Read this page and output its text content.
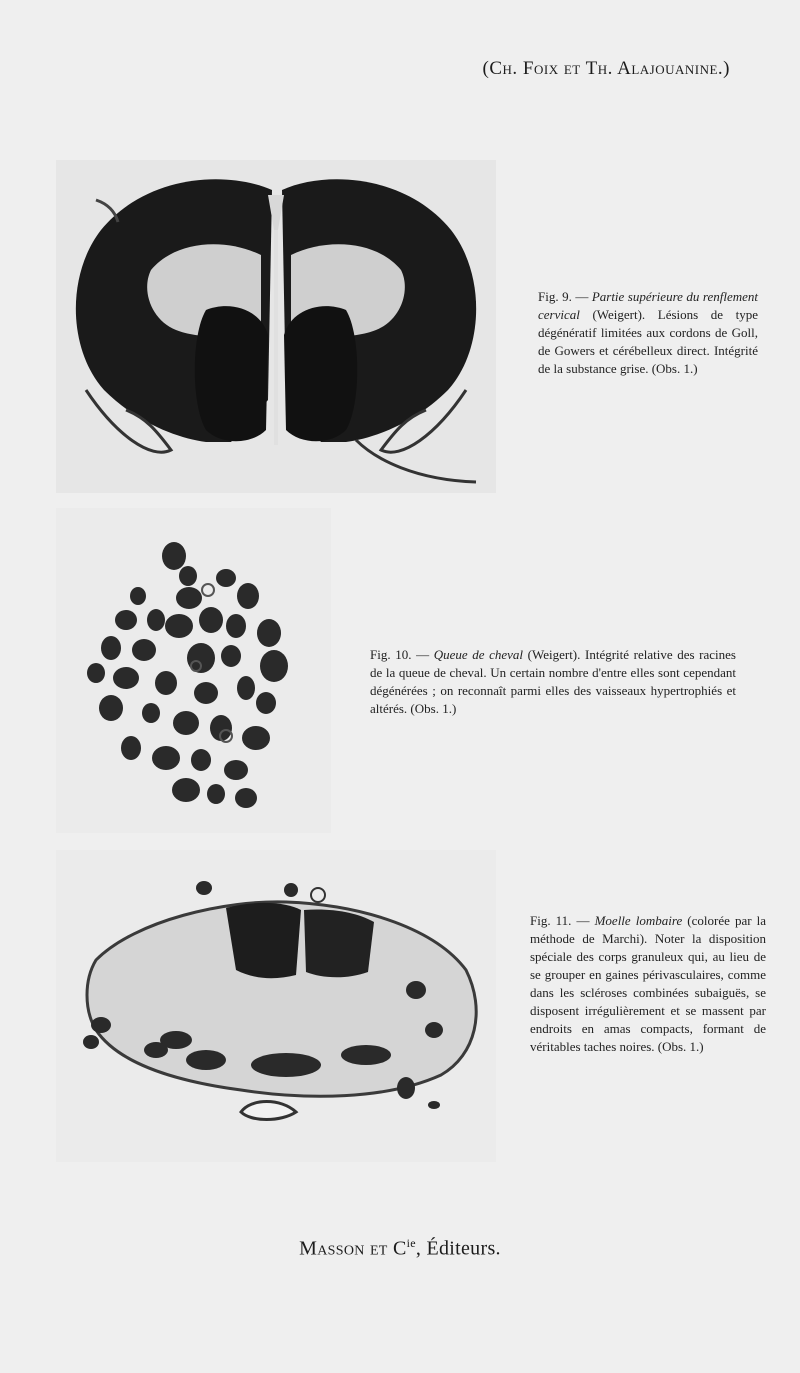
(Ch. Foix et Th. Alajouanine.)
Fig. 9. — Partie supérieure du renflement cervical (Weigert). Lésions de type dégénératif limitées aux cordons de Goll, de Gowers et cérébelleux direct. Intégrité de la substance grise. (Obs. 1.)
Fig. 10. — Queue de cheval (Weigert). Intégrité relative des racines de la queue de cheval. Un certain nombre d'entre elles sont cependant dégénérées ; on reconnaît parmi elles des vaisseaux hypertrophiés et altérés. (Obs. 1.)
Fig. 11. — Moelle lombaire (colorée par la méthode de Marchi). Noter la disposition spéciale des corps granuleux qui, au lieu de se grouper en gaines périvasculaires, comme dans les scléroses combinées subaiguës, se disposent irrégulièrement et se massent par endroits en amas compacts, formant de véritables taches noires. (Obs. 1.)
Masson et $C^{ie}$, Éditeurs.
